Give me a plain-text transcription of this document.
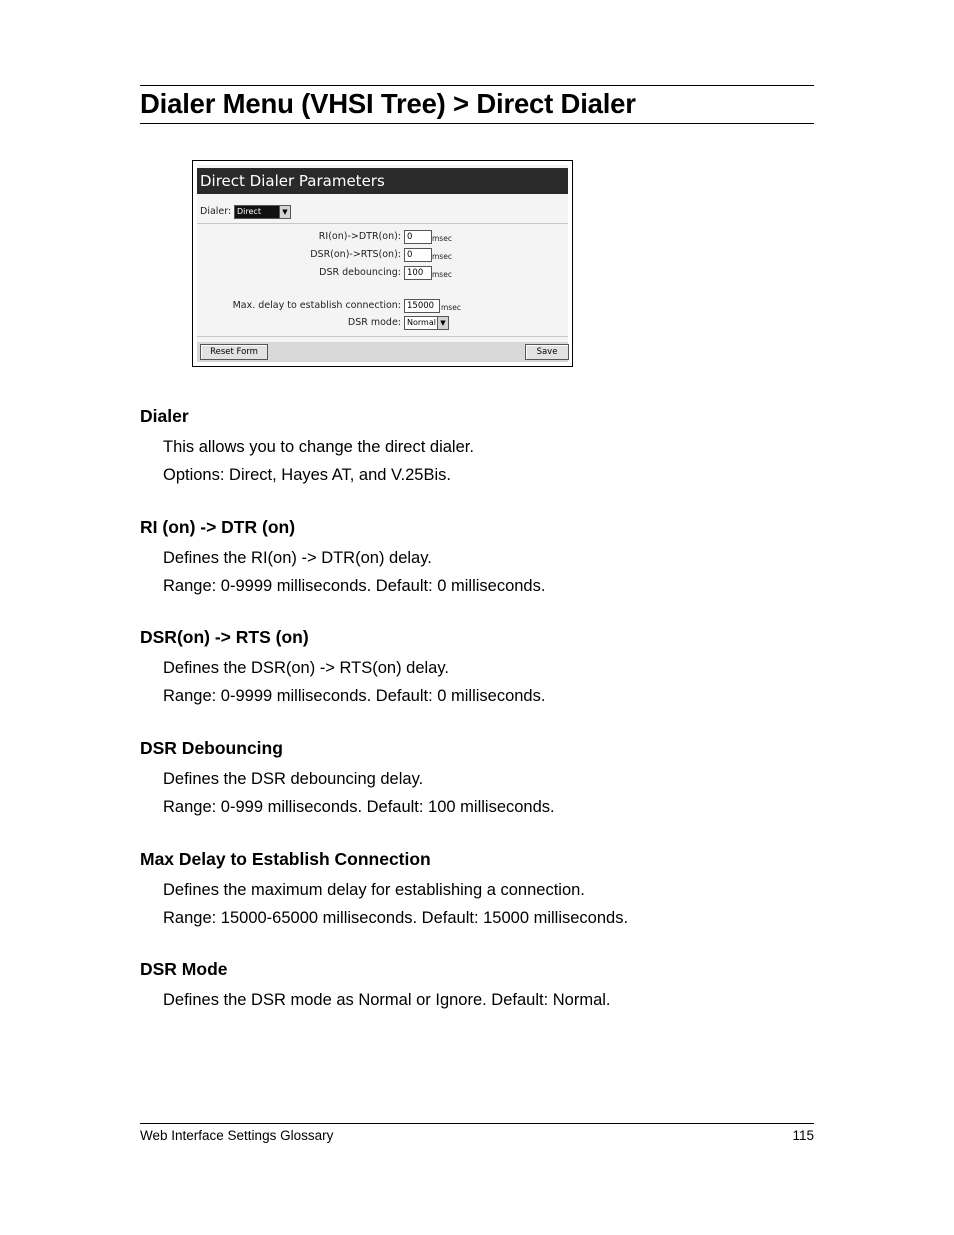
Dialer Menu (VHSI Tree) > Direct Dialer
Direct Dialer Parameters
Dialer: Direct	▼
RI(on)->DTR(on): 0	msec
DSR(on)->RTS(on): 0	msec
DSR debouncing: 100	msec
Max. delay to establish connection: 15000 msec
DSR mode: Normal ▼
Reset Form	Save
Dialer
This allows you to change the direct dialer.
Options: Direct, Hayes AT, and V.25Bis.
RI (on) -> DTR (on)
Defines the RI(on) -> DTR(on) delay.
Range: 0-9999 milliseconds. Default: 0 milliseconds.
DSR(on) -> RTS (on)
Defines the DSR(on) -> RTS(on) delay.
Range: 0-9999 milliseconds. Default: 0 milliseconds.
DSR Debouncing
Defines the DSR debouncing delay.
Range: 0-999 milliseconds. Default: 100 milliseconds.
Max Delay to Establish Connection
Defines the maximum delay for establishing a connection.
Range: 15000-65000 milliseconds. Default: 15000 milliseconds.
DSR Mode
Defines the DSR mode as Normal or Ignore. Default: Normal.
Web Interface Settings Glossary	115
